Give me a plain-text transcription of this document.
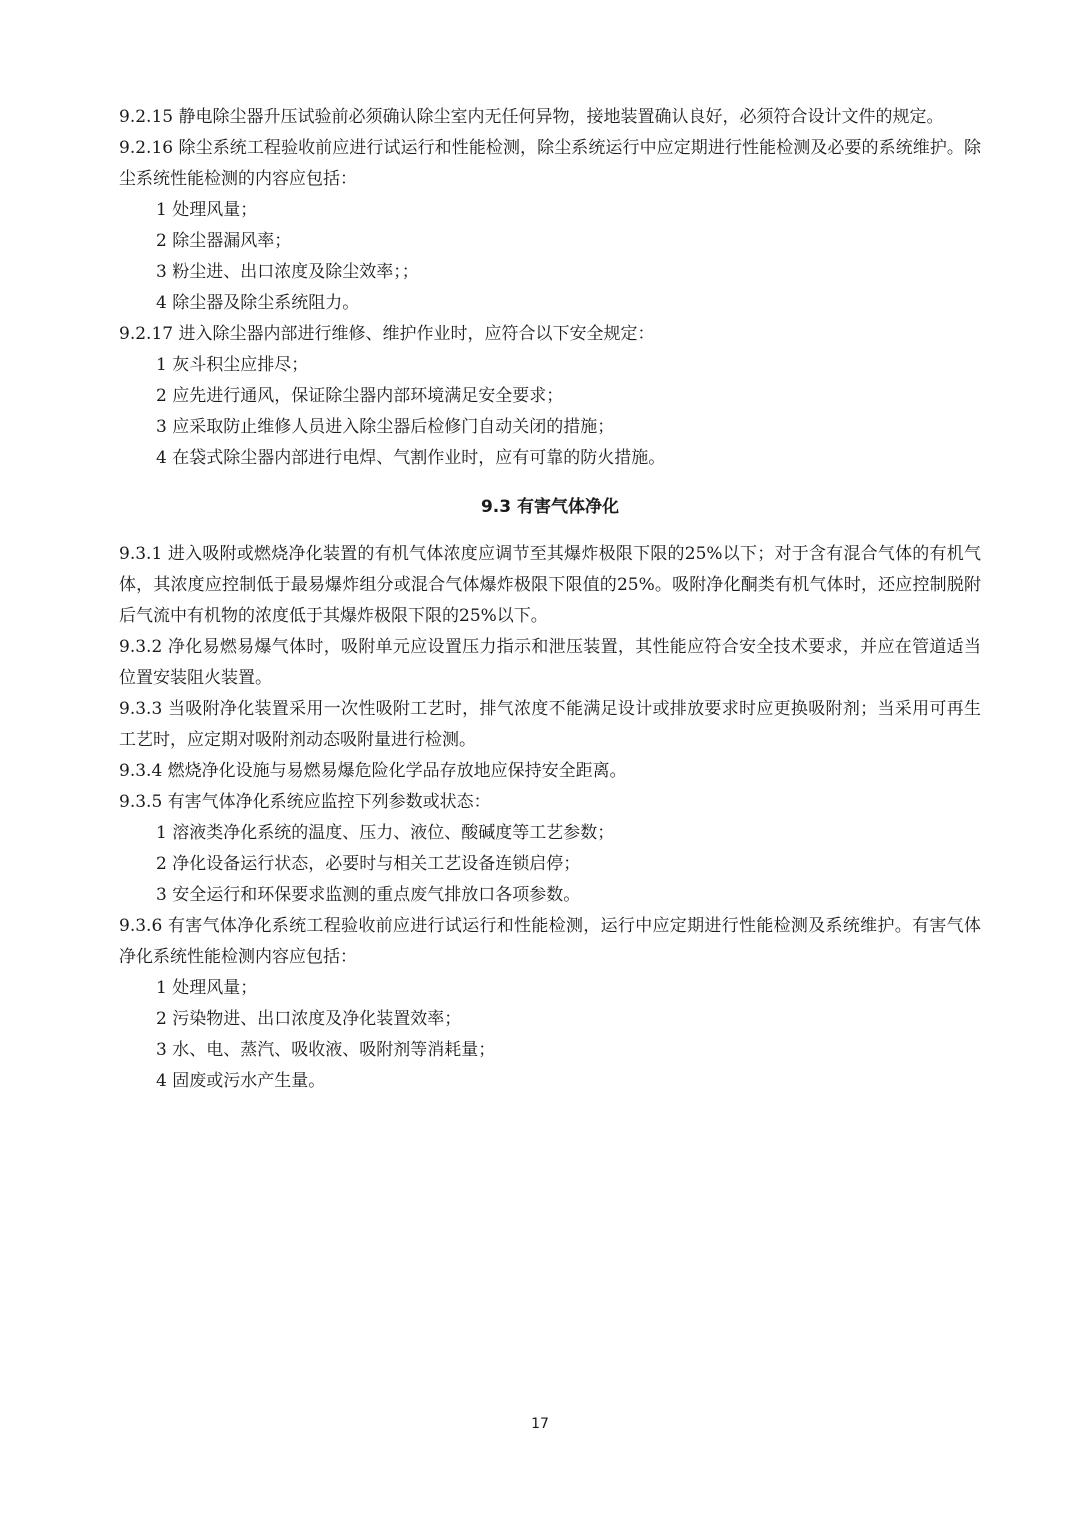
9.2.15 静电除尘器升压试验前必须确认除尘室内无任何异物，接地装置确认良好，必须符合设计文件的规定。

9.2.16 除尘系统工程验收前应进行试运行和性能检测，除尘系统运行中应定期进行性能检测及必要的系统维护。除尘系统性能检测的内容应包括：

1 处理风量；

2 除尘器漏风率；

3 粉尘进、出口浓度及除尘效率；；

4 除尘器及除尘系统阻力。

9.2.17 进入除尘器内部进行维修、维护作业时，应符合以下安全规定：

1 灰斗积尘应排尽；

2 应先进行通风，保证除尘器内部环境满足安全要求；

3 应采取防止维修人员进入除尘器后检修门自动关闭的措施；

4 在袋式除尘器内部进行电焊、气割作业时，应有可靠的防火措施。

9.3 有害气体净化

9.3.1 进入吸附或燃烧净化装置的有机气体浓度应调节至其爆炸极限下限的25%以下；对于含有混合气体的有机气体，其浓度应控制低于最易爆炸组分或混合气体爆炸极限下限值的25%。吸附净化酮类有机气体时，还应控制脱附后气流中有机物的浓度低于其爆炸极限下限的25%以下。

9.3.2 净化易燃易爆气体时，吸附单元应设置压力指示和泄压装置，其性能应符合安全技术要求，并应在管道适当位置安装阻火装置。

9.3.3 当吸附净化装置采用一次性吸附工艺时，排气浓度不能满足设计或排放要求时应更换吸附剂；当采用可再生工艺时，应定期对吸附剂动态吸附量进行检测。

9.3.4 燃烧净化设施与易燃易爆危险化学品存放地应保持安全距离。

9.3.5 有害气体净化系统应监控下列参数或状态：

1 溶液类净化系统的温度、压力、液位、酸碱度等工艺参数；

2 净化设备运行状态，必要时与相关工艺设备连锁启停；

3 安全运行和环保要求监测的重点废气排放口各项参数。

9.3.6 有害气体净化系统工程验收前应进行试运行和性能检测，运行中应定期进行性能检测及系统维护。有害气体净化系统性能检测内容应包括：

1 处理风量；

2 污染物进、出口浓度及净化装置效率；

3 水、电、蒸汽、吸收液、吸附剂等消耗量；

4 固废或污水产生量。

17
